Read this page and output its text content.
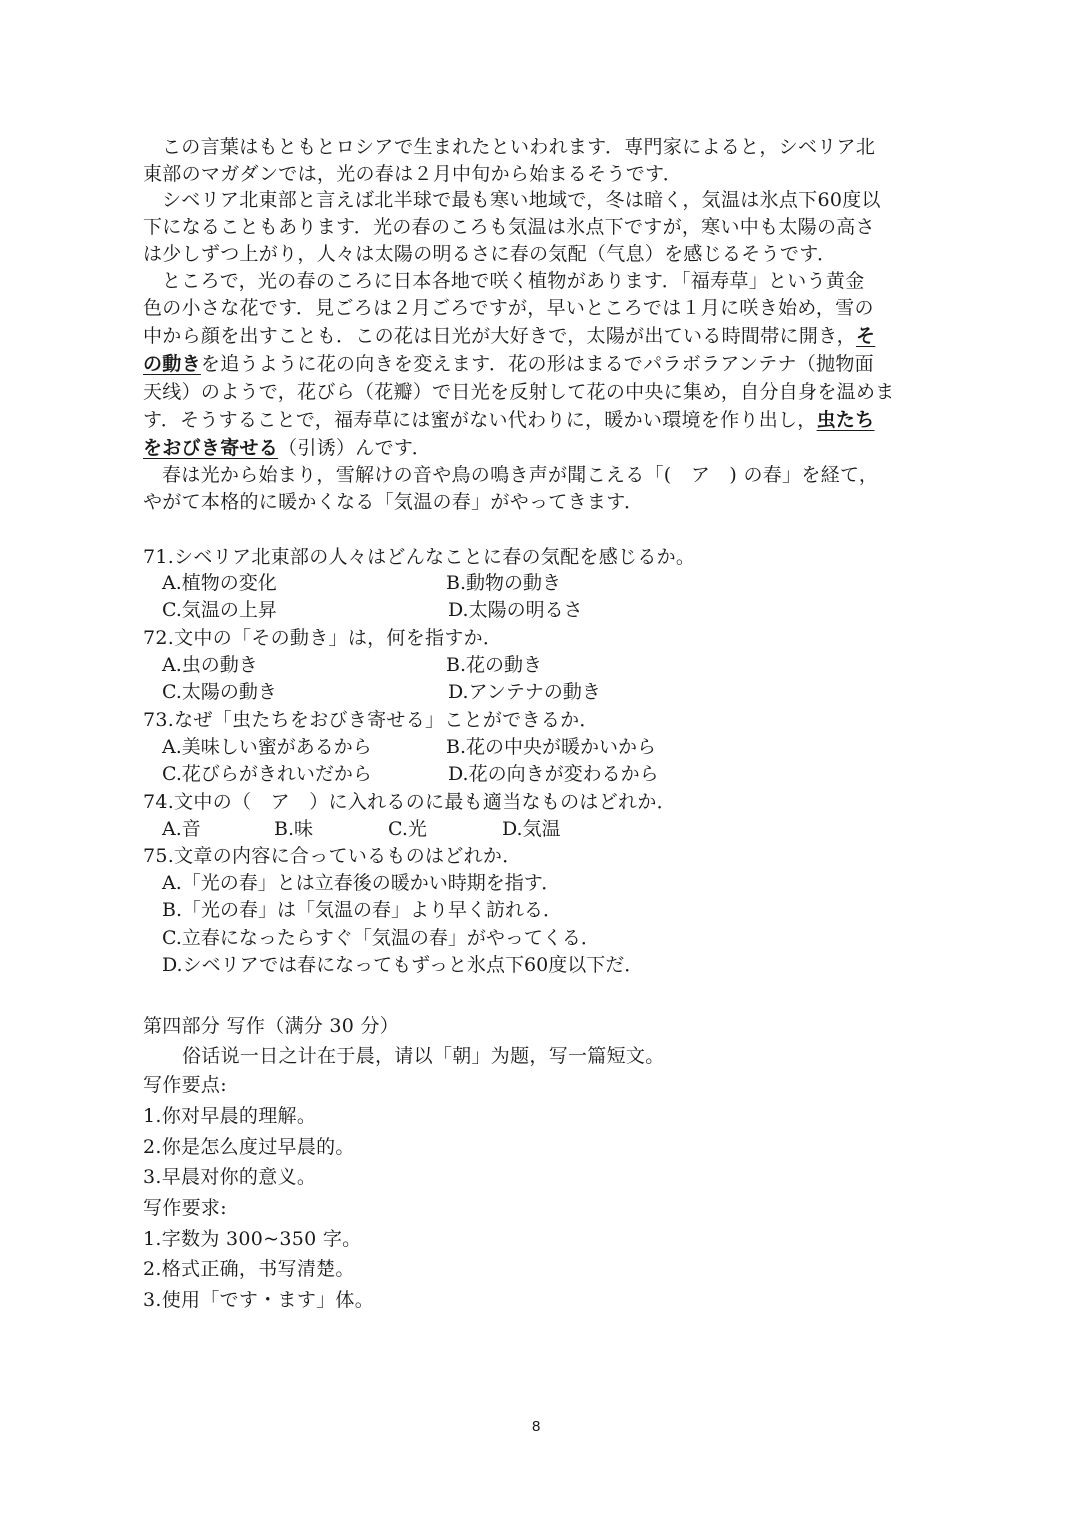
この言葉はもともとロシアで生まれたといわれます．専門家によると，シベリア北
東部のマガダンでは，光の春は２月中旬から始まるそうです．
シベリア北東部と言えば北半球で最も寒い地域で，冬は暗く，気温は氷点下60度以
下になることもあります．光の春のころも気温は氷点下ですが，寒い中も太陽の高さ
は少しずつ上がり，人々は太陽の明るさに春の気配（气息）を感じるそうです．
ところで，光の春のころに日本各地で咲く植物があります．「福寿草」という黄金
色の小さな花です．見ごろは２月ごろですが，早いところでは１月に咲き始め，雪の
中から顔を出すことも．この花は日光が大好きで，太陽が出ている時間帯に開き，そ
の動きを追うように花の向きを変えます．花の形はまるでパラボラアンテナ（抛物面
天线）のようで，花びら（花瓣）で日光を反射して花の中央に集め，自分自身を温めま
す．そうすることで，福寿草には蜜がない代わりに，暖かい環境を作り出し，虫たち
をおびき寄せる（引诱）んです．
春は光から始まり，雪解けの音や鳥の鳴き声が聞こえる「(　ア　) の春」を経て，
やがて本格的に暖かくなる「気温の春」がやってきます．
71.シベリア北東部の人々はどんなことに春の気配を感じるか。
A.植物の変化	B.動物の動き
C.気温の上昇	D.太陽の明るさ
72.文中の「その動き」は，何を指すか．
A.虫の動き	B.花の動き
C.太陽の動き	D.アンテナの動き
73.なぜ「虫たちをおびき寄せる」ことができるか．
A.美味しい蜜があるから	B.花の中央が暖かいから
C.花びらがきれいだから	D.花の向きが変わるから
74.文中の（　ア　）に入れるのに最も適当なものはどれか．
A.音	B.味	C.光	D.気温
75.文章の内容に合っているものはどれか．
A.「光の春」とは立春後の暖かい時期を指す．
B.「光の春」は「気温の春」より早く訪れる．
C.立春になったらすぐ「気温の春」がやってくる．
D.シベリアでは春になってもずっと氷点下60度以下だ．
第四部分 写作（满分 30 分）
俗话说一日之计在于晨，请以「朝」为题，写一篇短文。
写作要点:
1.你对早晨的理解。
2.你是怎么度过早晨的。
3.早晨对你的意义。
写作要求:
1.字数为 300~350 字。
2.格式正确，书写清楚。
3.使用「です・ます」体。
8
